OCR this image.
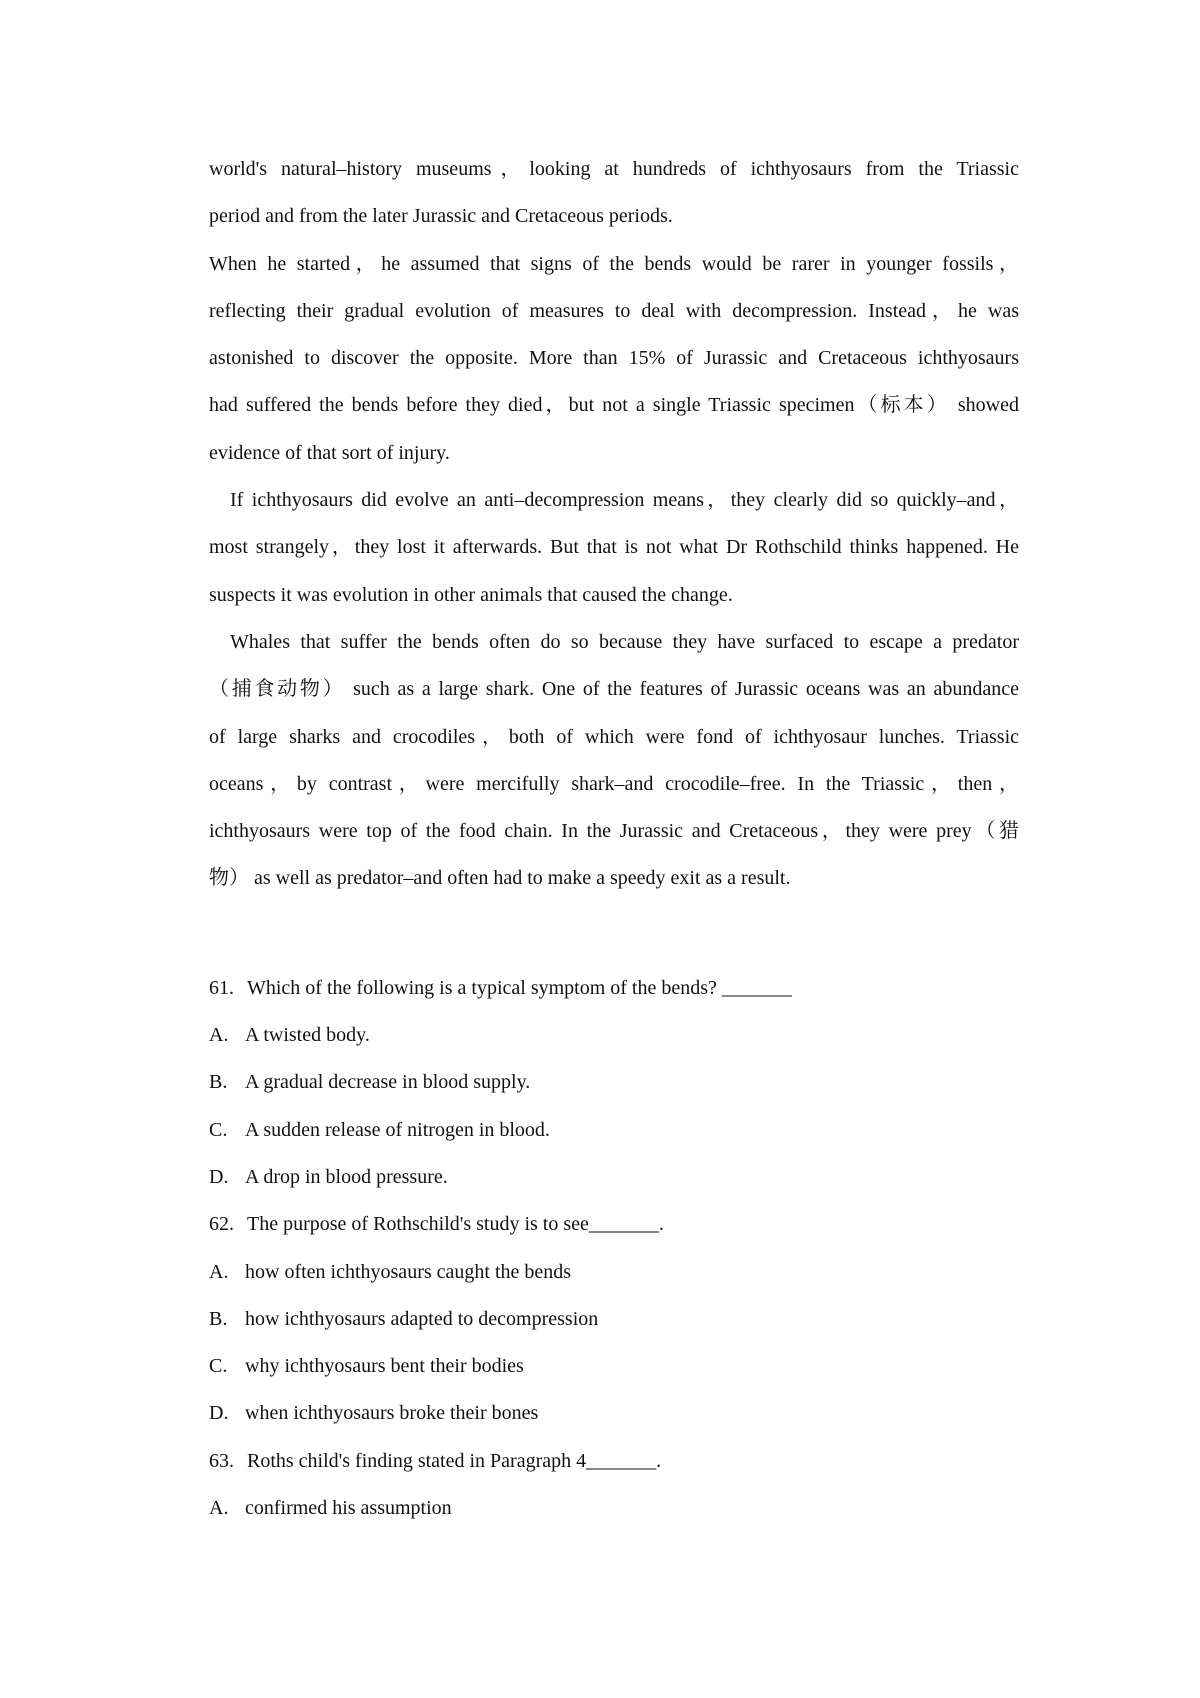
world's natural–history museums，looking at hundreds of ichthyosaurs from the Triassic
period and from the later Jurassic and Cretaceous periods.
When he started，he assumed that signs of the bends would be rarer in younger fossils，
reflecting their gradual evolution of measures to deal with decompression. Instead，he was
astonished to discover the opposite. More than 15% of Jurassic and Cretaceous ichthyosaurs
had suffered the bends before they died，but not a single Triassic specimen（标本） showed
evidence of that sort of injury.
If ichthyosaurs did evolve an anti–decompression means，they clearly did so quickly–and，
most strangely，they lost it afterwards. But that is not what Dr Rothschild thinks happened. He
suspects it was evolution in other animals that caused the change.
Whales that suffer the bends often do so because they have surfaced to escape a predator
（捕食动物） such as a large shark. One of the features of Jurassic oceans was an abundance
of large sharks and crocodiles，both of which were fond of ichthyosaur lunches. Triassic
oceans，by contrast，were mercifully shark–and crocodile–free. In the Triassic，then，
ichthyosaurs were top of the food chain. In the Jurassic and Cretaceous，they were prey（猎
物） as well as predator–and often had to make a speedy exit as a result.
61. Which of the following is a typical symptom of the bends? _______
A. A twisted body.
B. A gradual decrease in blood supply.
C. A sudden release of nitrogen in blood.
D. A drop in blood pressure.
62. The purpose of Rothschild's study is to see_______.
A. how often ichthyosaurs caught the bends
B. how ichthyosaurs adapted to decompression
C. why ichthyosaurs bent their bodies
D. when ichthyosaurs broke their bones
63. Roths child's finding stated in Paragraph 4_______.
A. confirmed his assumption
